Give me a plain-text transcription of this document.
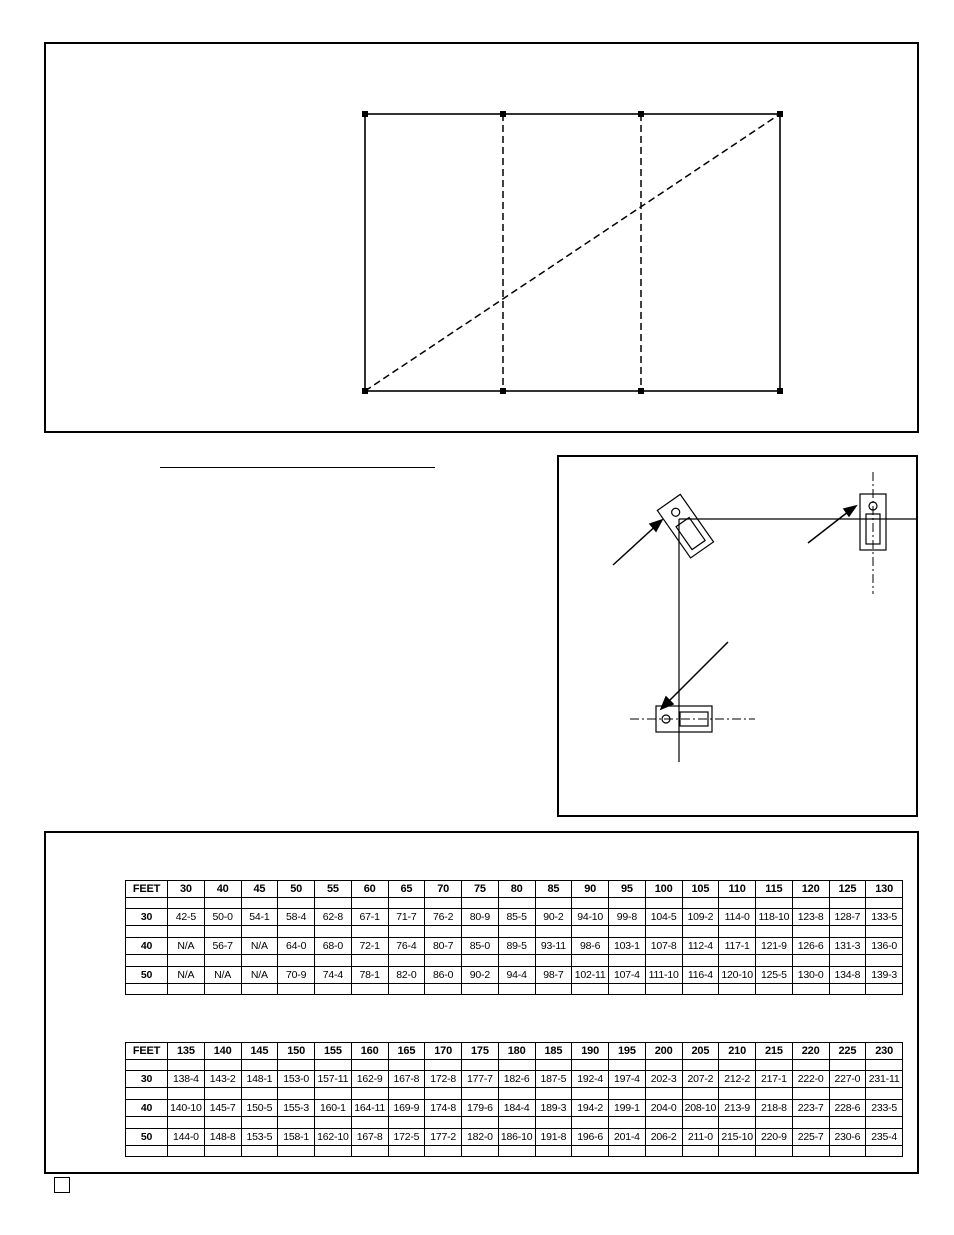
FEET	30	40	45	50	55	60	65	70	75	80	85	90	95	100	105	110	115	120	125	130

30	42-5	50-0	54-1	58-4	62-8	67-1	71-7	76-2	80-9	85-5	90-2	94-10	99-8	104-5	109-2	114-0	118-10	123-8	128-7	133-5

40	N/A	56-7	N/A	64-0	68-0	72-1	76-4	80-7	85-0	89-5	93-11	98-6	103-1	107-8	112-4	117-1	121-9	126-6	131-3	136-0

50	N/A	N/A	N/A	70-9	74-4	78-1	82-0	86-0	90-2	94-4	98-7	102-11	107-4	111-10	116-4	120-10	125-5	130-0	134-8	139-3

FEET	135	140	145	150	155	160	165	170	175	180	185	190	195	200	205	210	215	220	225	230

30	138-4	143-2	148-1	153-0	157-11	162-9	167-8	172-8	177-7	182-6	187-5	192-4	197-4	202-3	207-2	212-2	217-1	222-0	227-0	231-11

40	140-10	145-7	150-5	155-3	160-1	164-11	169-9	174-8	179-6	184-4	189-3	194-2	199-1	204-0	208-10	213-9	218-8	223-7	228-6	233-5

50	144-0	148-8	153-5	158-1	162-10	167-8	172-5	177-2	182-0	186-10	191-8	196-6	201-4	206-2	211-0	215-10	220-9	225-7	230-6	235-4
